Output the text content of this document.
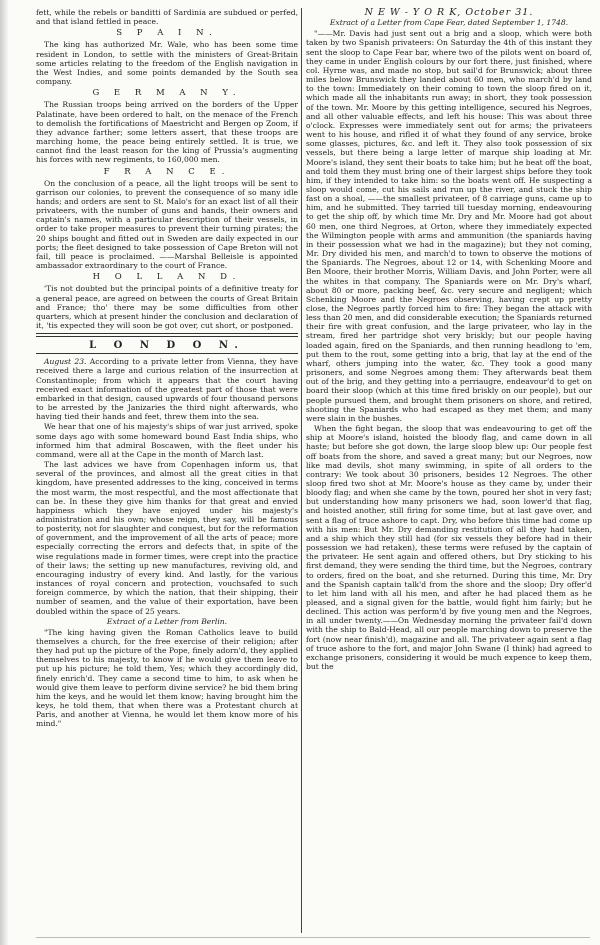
fett, while the rebels or banditti of Sardinia are subdued or perfed, and that island fettled in peace.

S P A I N.

The king has authorized Mr. Wale, who has been some time resident in London, to settle with the ministers of Great-Britain some articles relating to the freedom of the English navigation in the West Indies, and some points demanded by the South sea company.

G E R M A N Y.

The Russian troops being arrived on the borders of the Upper Palatinate, have been ordered to halt, on the menace of the French to demolish the fortifications of Maestricht and Bergen op Zoom, if they advance farther; some letters assert, that these troops are marching home, the peace being entirely settled. It is true, we cannot find the least reason for the king of Prussia's augmenting his forces with new regiments, to 160,000 men.

F R A N C E.

On the conclusion of a peace, all the light troops will be sent to garrison our colonies, to prevent the consequence of so many idle hands; and orders are sent to St. Malo's for an exact list of all their privateers, with the number of guns and hands, their owners and captain's names, with a particular description of their vessels, in order to take proper measures to prevent their turning pirates; the 20 ships bought and fitted out in Sweden are daily expected in our ports; the fleet designed to take possession of Cape Breton will not fail, till peace is proclaimed. ——Marshal Belleisle is appointed ambassador extraordinary to the court of France.

H O L L A N D.

'Tis not doubted but the principal points of a definitive treaty for a general peace, are agreed on between the courts of Great Britain and France; tho' there may be some difficulties from other quarters, which at present hinder the conclusion and declaration of it, 'tis expected they will soon be got over, cut short, or postponed.

L O N D O N.

August 23. According to a private letter from Vienna, they have received there a large and curious relation of the insurrection at Constantinople; from which it appears that the court having received exact information of the greatest part of those that were embarked in that design, caused upwards of four thousand persons to be arrested by the Janizaries the third night afterwards, who having tied their hands and feet, threw them into the sea.

We hear that one of his majesty's ships of war just arrived, spoke some days ago with some homeward bound East India ships, who informed him that admiral Boscawen, with the fleet under his command, were all at the Cape in the month of March last.

The last advices we have from Copenhagen inform us, that several of the provinces, and almost all the great cities in that kingdom, have presented addresses to the king, conceived in terms the most warm, the most respectful, and the most affectionate that can be. In these they give him thanks for that great and envied happiness which they have enjoyed under his majesty's administration and his own; whose reign, they say, will be famous to posterity, not for slaughter and conquest, but for the reformation of government, and the improvement of all the arts of peace; more especially correcting the errors and defects that, in spite of the wise regulations made in former times, were crept into the practice of their laws; the setting up new manufactures, reviving old, and encouraging industry of every kind. And lastly, for the various instances of royal concern and protection, vouchsafed to such foreign commerce, by which the nation, that their shipping, their number of seamen, and the value of their exportation, have been doubled within the space of 25 years.

Extract of a Letter from Berlin.

"The king having given the Roman Catholics leave to build themselves a church, for the free exercise of their religion; after they had put up the picture of the Pope, finely adorn'd, they applied themselves to his majesty, to know if he would give them leave to put up his picture; he told them, Yes; which they accordingly did, finely enrich'd. They came a second time to him, to ask when he would give them leave to perform divine service? he bid them bring him the keys, and he would let them know; having brought him the keys, he told them, that when there was a Protestant church at Paris, and another at Vienna, he would let them know more of his mind."

N E W - Y O R K, October 31.
Extract of a Letter from Cape Fear, dated September 1, 1748.

"——Mr. Davis had just sent out a brig and a sloop, which were both taken by two Spanish privateers: On Saturday the 4th of this instant they sent the sloop to Cape Fear bar, where two of the pilots went on board of, they came in under English colours by our fort there, just finished, where col. Hyrne was, and made no stop, but sail'd for Brunswick; about three miles below Brunswick they landed about 60 men, who march'd by land to the town: Immediately on their coming to town the sloop fired on it, which made all the inhabitants run away; in short, they took possession of the town. Mr. Moore by this getting intelligence, secured his Negroes, and all other valuable effects, and left his house: This was about three o'clock. Expresses were immediately sent out for arms; the privateers went to his house, and rifled it of what they found of any service, broke some glasses, pictures, &c. and left it. They also took possession of six vessels, but there being a large letter of marque ship loading at Mr. Moore's island, they sent their boats to take him; but he beat off the boat, and told them they must bring one of their largest ships before they took him, if they intended to take him: so the boats went off. He suspecting a sloop would come, cut his sails and run up the river, and stuck the ship fast on a shoal, ——the smallest privateer, of 8 carriage guns, came up to him, and he submitted. They tarried till tuesday morning, endeavouring to get the ship off, by which time Mr. Dry and Mr. Moore had got about 60 men, one third Negroes, at Orton, where they immediately expected the Wilmington people with arms and ammunition (the spaniards having in their possession what we had in the magazine); but they not coming, Mr. Dry divided his men, and march'd to town to observe the motions of the Spaniards. The Negroes, about 12 or 14, with Schenking Moore and Ben Moore, their brother Morris, William Davis, and John Porter, were all the whites in that company. The Spaniards were on Mr. Dry's wharf, about 80 or more, packing beef, &c. very secure and negligent; which Schenking Moore and the Negroes observing, having crept up pretty close, the Negroes partly forced him to fire: They began the attack with less than 20 men, and did considerable execution; the Spaniards returned their fire with great confusion, and the large privateer, who lay in the stream, fired her partridge shot very briskly; but our people having loaded again, fired on the Spaniards, and then running headlong to 'em, put them to the rout, some getting into a brig, that lay at the end of the wharf, others jumping into the water, &c. They took a good many prisoners, and some Negroes among them: They afterwards beat them out of the brig, and they getting into a perriaugre, endeavour'd to get on board their sloop (which at this time fired briskly on our people), but our people pursued them, and brought them prisoners on shore, and retired, shooting the Spaniards who had escaped as they met them; and many were slain in the bushes.

When the fight began, the sloop that was endeavouring to get off the ship at Moore's island, hoisted the bloody flag, and came down in all haste; but before she got down, the large sloop blew up: Our people fest off boats from the shore, and saved a great many; but our Negroes, now like mad devils, shot many swimming, in spite of all orders to the contrary: We took about 30 prisoners, besides 12 Negroes. The other sloop fired two shot at Mr. Moore's house as they came by, under their bloody flag; and when she came by the town, poured her shot in very fast; but understanding how many prisoners we had, soon lower'd that flag, and hoisted another, still firing for some time, but at last gave over, and sent a flag of truce ashore to capt. Dry, who before this time had come up with his men: But Mr. Dry demanding restitution of all they had taken, and a ship which they still had (for six vessels they before had in their possession we had retaken), these terms were refused by the captain of the privateer. He sent again and offered others, but Dry sticking to his first demand, they were sending the third time, but the Negroes, contrary to orders, fired on the boat, and she returned. During this time, Mr. Dry and the Spanish captain talk'd from the shore and the sloop; Dry offer'd to let him land with all his men, and after he had placed them as he pleased, and a signal given for the battle, would fight him fairly; but he declined. This action was perform'd by five young men and the Negroes, in all under twenty.——On Wednesday morning the privateer fail'd down with the ship to Bald-Head, all our people marching down to preserve the fort (now near finish'd), magazine and all. The privateer again sent a flag of truce ashore to the fort, and major John Swane (I think) had agreed to exchange prisoners, considering it would be much expence to keep them, but the
